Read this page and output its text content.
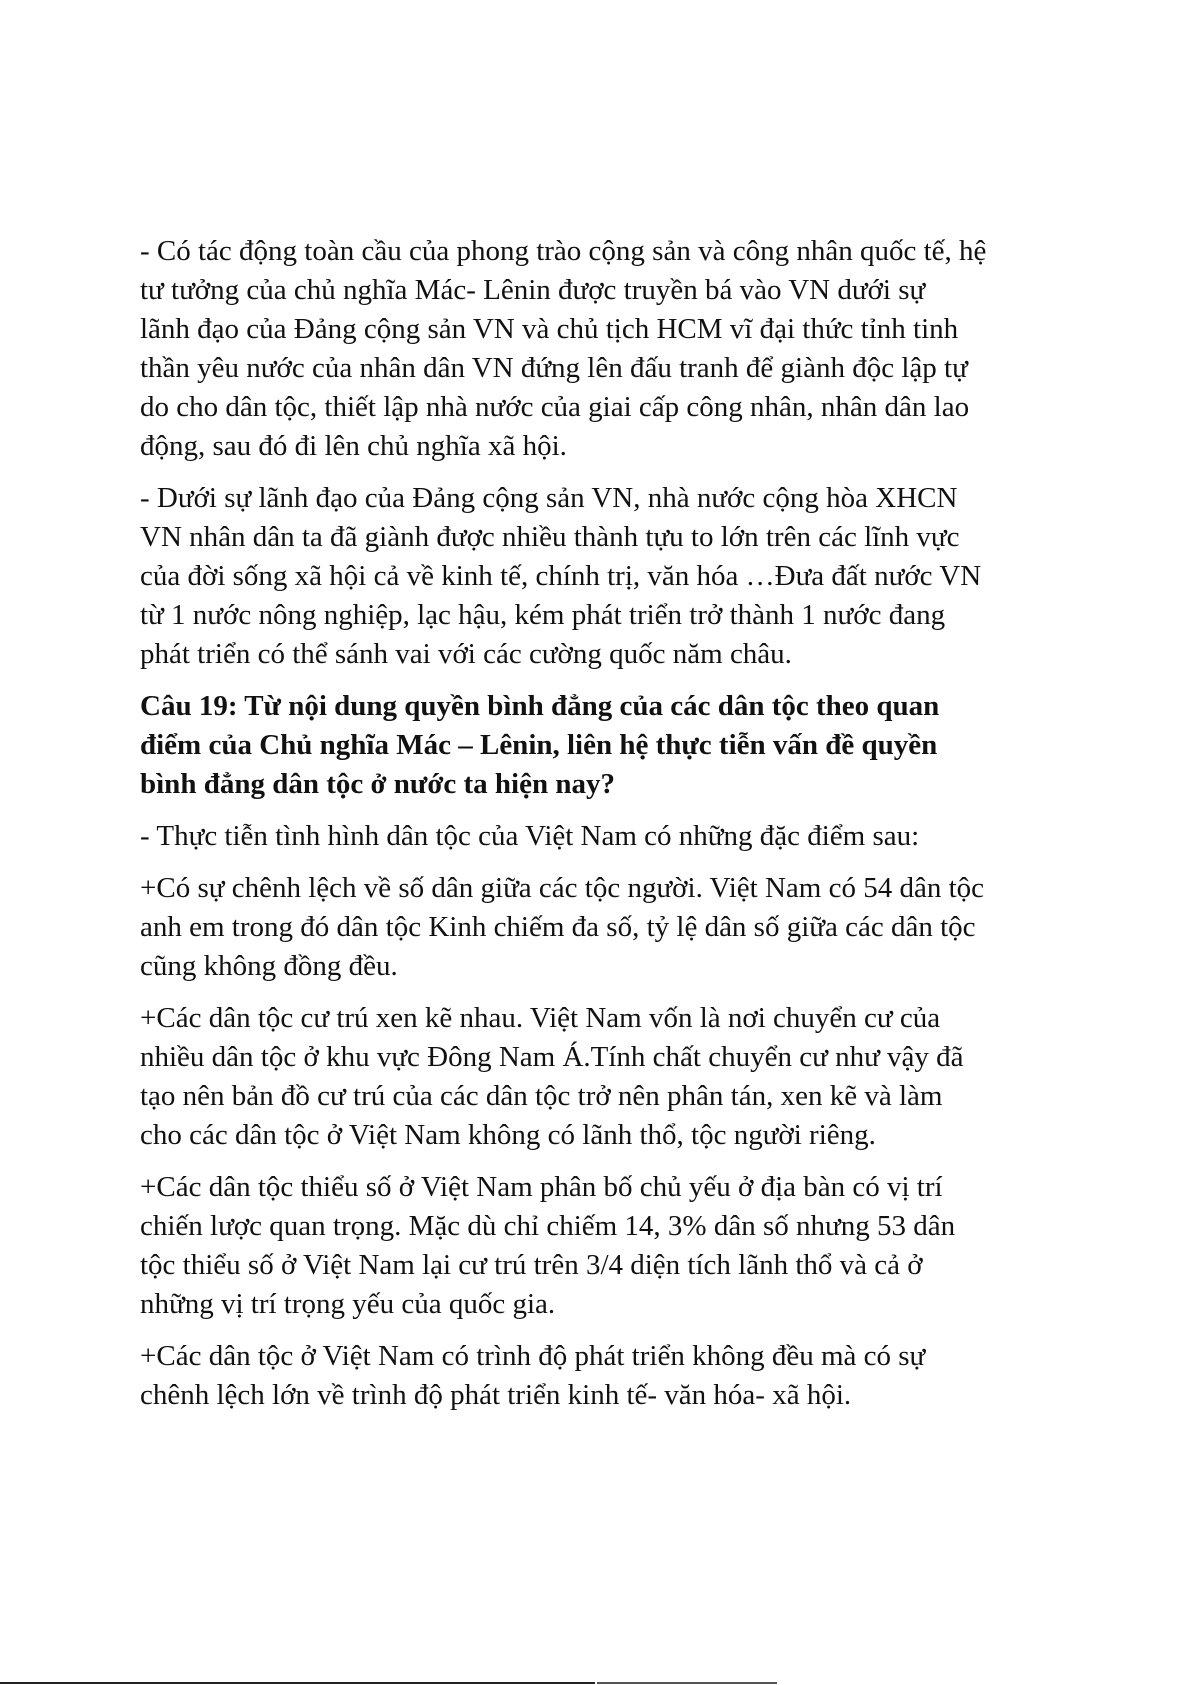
- Có tác động toàn cầu của phong trào cộng sản và công nhân quốc tế, hệ
tư tưởng của chủ nghĩa Mác- Lênin được truyền bá vào VN dưới sự
lãnh đạo của Đảng cộng sản VN và chủ tịch HCM vĩ đại thức tỉnh tinh
thần yêu nước của nhân dân VN đứng lên đấu tranh để giành độc lập tự
do cho dân tộc, thiết lập nhà nước của giai cấp công nhân, nhân dân lao
động, sau đó đi lên chủ nghĩa xã hội.

- Dưới sự lãnh đạo của Đảng cộng sản VN, nhà nước cộng hòa XHCN
VN nhân dân ta đã giành được nhiều thành tựu to lớn trên các lĩnh vực
của đời sống xã hội cả về kinh tế, chính trị, văn hóa …Đưa đất nước VN
từ 1 nước nông nghiệp, lạc hậu, kém phát triển trở thành 1 nước đang
phát triển có thể sánh vai với các cường quốc năm châu.

Câu 19: Từ nội dung quyền bình đẳng của các dân tộc theo quan
điểm của Chủ nghĩa Mác – Lênin, liên hệ thực tiễn vấn đề quyền
bình đẳng dân tộc ở nước ta hiện nay?

- Thực tiễn tình hình dân tộc của Việt Nam có những đặc điểm sau:

+Có sự chênh lệch về số dân giữa các tộc người. Việt Nam có 54 dân tộc
anh em trong đó dân tộc Kinh chiếm đa số, tỷ lệ dân số giữa các dân tộc
cũng không đồng đều.

+Các dân tộc cư trú xen kẽ nhau. Việt Nam vốn là nơi chuyển cư của
nhiều dân tộc ở khu vực Đông Nam Á.Tính chất chuyển cư như vậy đã
tạo nên bản đồ cư trú của các dân tộc trở nên phân tán, xen kẽ và làm
cho các dân tộc ở Việt Nam không có lãnh thổ, tộc người riêng.

+Các dân tộc thiểu số ở Việt Nam phân bố chủ yếu ở địa bàn có vị trí
chiến lược quan trọng. Mặc dù chỉ chiếm 14, 3% dân số nhưng 53 dân
tộc thiểu số ở Việt Nam lại cư trú trên 3/4 diện tích lãnh thổ và cả ở
những vị trí trọng yếu của quốc gia.

+Các dân tộc ở Việt Nam có trình độ phát triển không đều mà có sự
chênh lệch lớn về trình độ phát triển kinh tế- văn hóa- xã hội.
